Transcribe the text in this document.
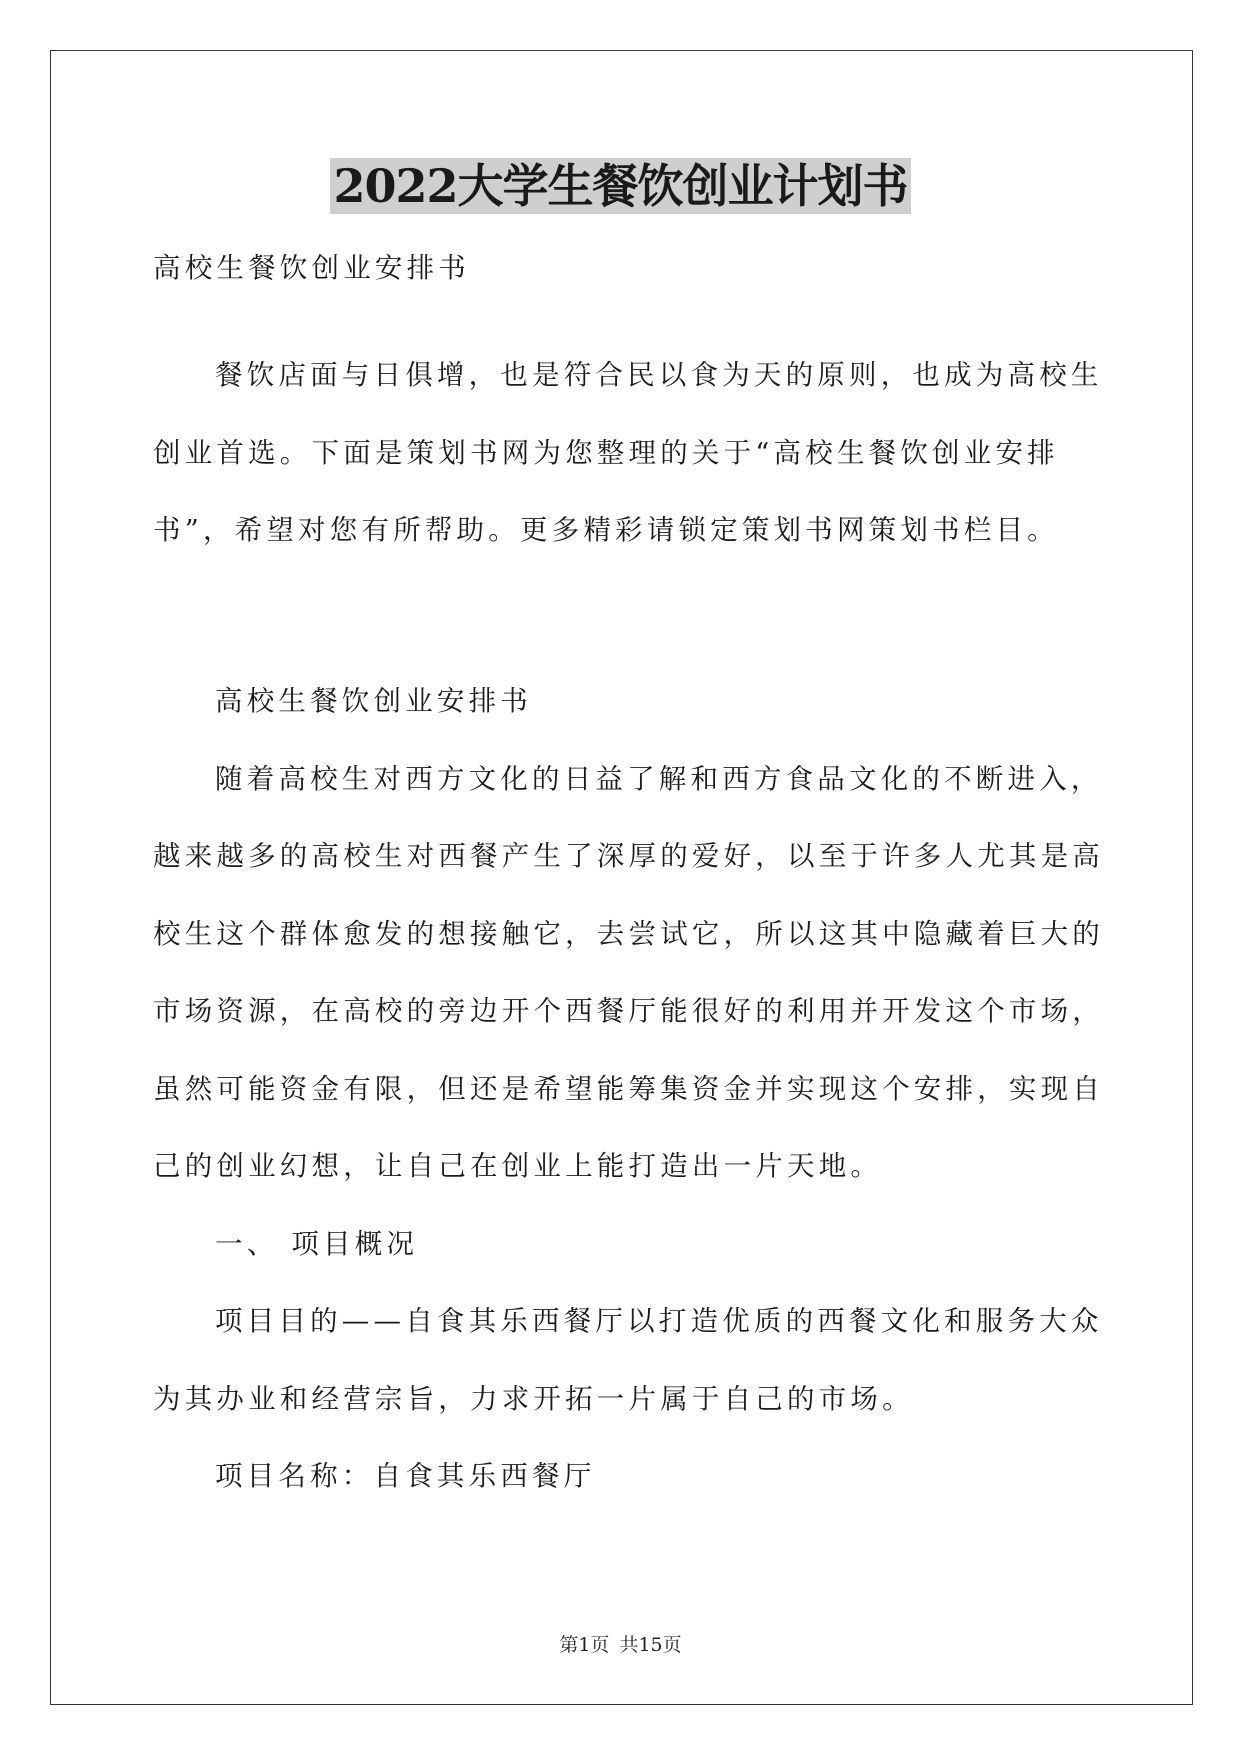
2022大学生餐饮创业计划书
高校生餐饮创业安排书
餐饮店面与日俱增，也是符合民以食为天的原则，也成为高校生
创业首选。下面是策划书网为您整理的关于“高校生餐饮创业安排
书”，希望对您有所帮助。更多精彩请锁定策划书网策划书栏目。
高校生餐饮创业安排书
随着高校生对西方文化的日益了解和西方食品文化的不断进入，
越来越多的高校生对西餐产生了深厚的爱好，以至于许多人尤其是高
校生这个群体愈发的想接触它，去尝试它，所以这其中隐藏着巨大的
市场资源，在高校的旁边开个西餐厅能很好的利用并开发这个市场，
虽然可能资金有限，但还是希望能筹集资金并实现这个安排，实现自
己的创业幻想，让自己在创业上能打造出一片天地。
一、 项目概况
项目目的——自食其乐西餐厅以打造优质的西餐文化和服务大众
为其办业和经营宗旨，力求开拓一片属于自己的市场。
项目名称：自食其乐西餐厅
第1页 共15页
